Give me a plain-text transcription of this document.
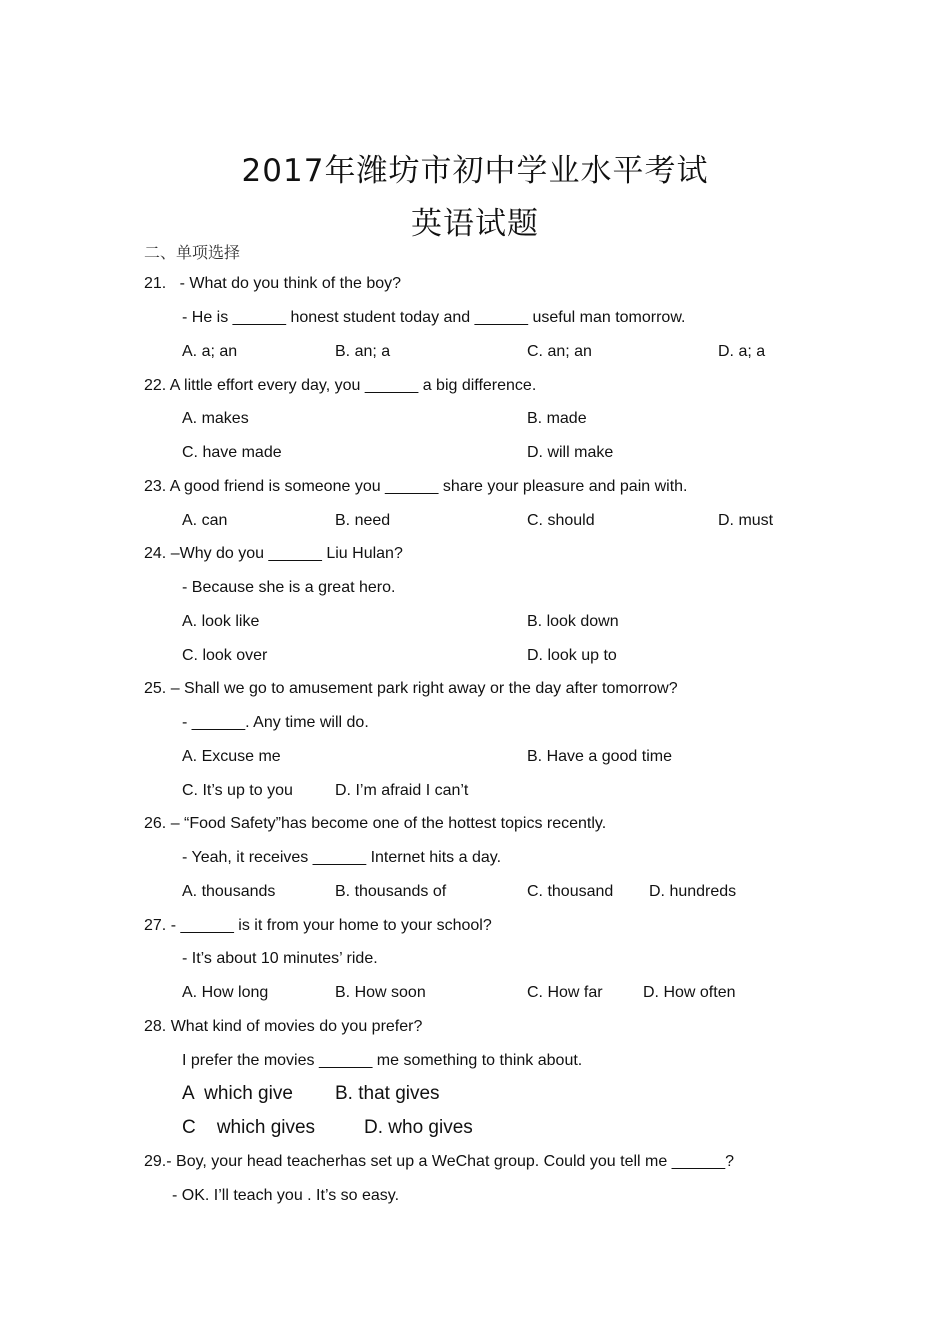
2017年潍坊市初中学业水平考试
英语试题
二、单项选择
21.   - What do you think of the boy?
- He is ______ honest student today and ______ useful man tomorrow.
A. a; an	B. an; a	C. an; an	D. a; a
22. A little effort every day, you ______ a big difference.
A. makes	B. made
C. have made	D. will make
23. A good friend is someone you ______ share your pleasure and pain with.
A. can	B. need	C. should	D. must
24. –Why do you ______ Liu Hulan?
- Because she is a great hero.
A. look like	B. look down
C. look over	D. look up to
25. – Shall we go to amusement park right away or the day after tomorrow?
- ______. Any time will do.
A. Excuse me	B. Have a good time
C. It’s up to you	D. I’m afraid I can’t
26. – “Food Safety”has become one of the hottest topics recently.
- Yeah, it receives ______ Internet hits a day.
A. thousands	B. thousands of	C. thousand D. hundreds
27. - ______ is it from your home to your school?
- It’s about 10 minutes’ ride.
A. How long	B. How soon	C. How far	D. How often
28. What kind of movies do you prefer?
I prefer the movies ______ me something to think about.
A  which give B. that gives
C    which gives	D. who gives
29.- Boy, your head teacherhas set up a WeChat group. Could you tell me ______?
- OK. I’ll teach you . It’s so easy.
